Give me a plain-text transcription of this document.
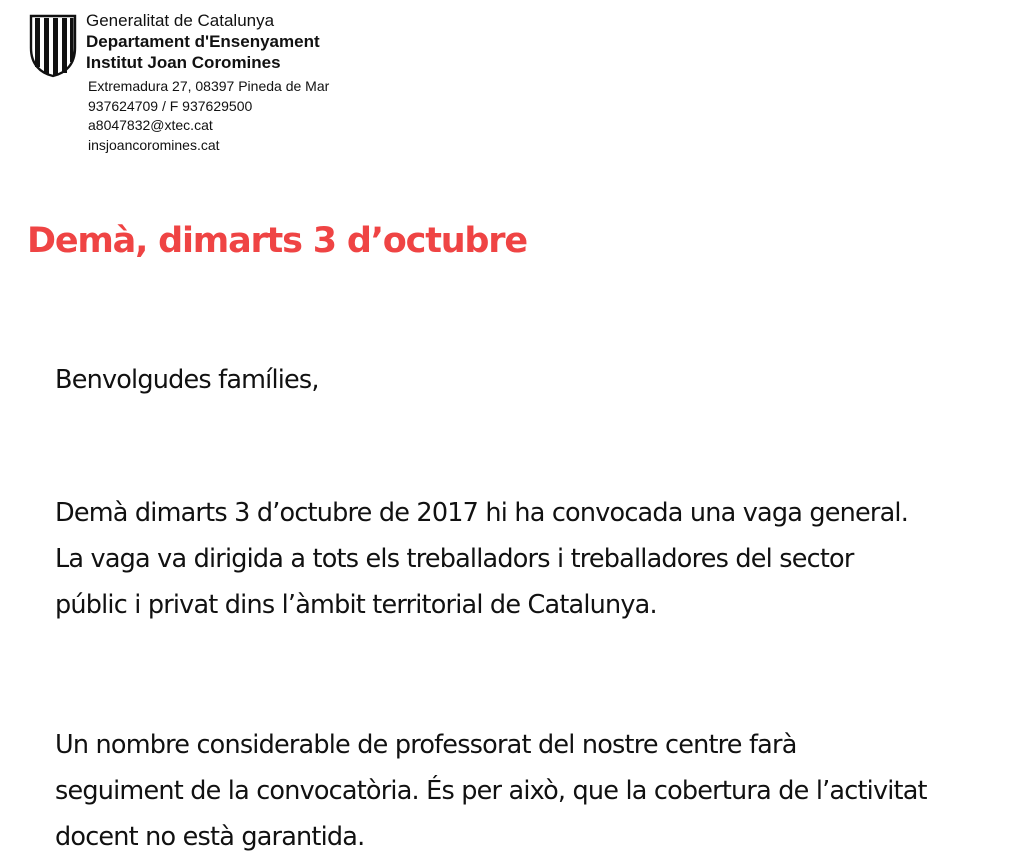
Generalitat de Catalunya
Departament d'Ensenyament
Institut Joan Coromines
Extremadura 27, 08397 Pineda de Mar
937624709 / F 937629500
a8047832@xtec.cat
insjoancoromines.cat
Demà, dimarts 3 d’octubre

Benvolgudes famílies,

Demà dimarts 3 d’octubre de 2017 hi ha convocada una vaga general.

La vaga va dirigida a tots els treballadors i treballadores del sector

públic i privat dins l’àmbit territorial de Catalunya.

Un nombre considerable de professorat del nostre centre farà

seguiment de la convocatòria. És per això, que la cobertura de l’activitat

docent no està garantida.
